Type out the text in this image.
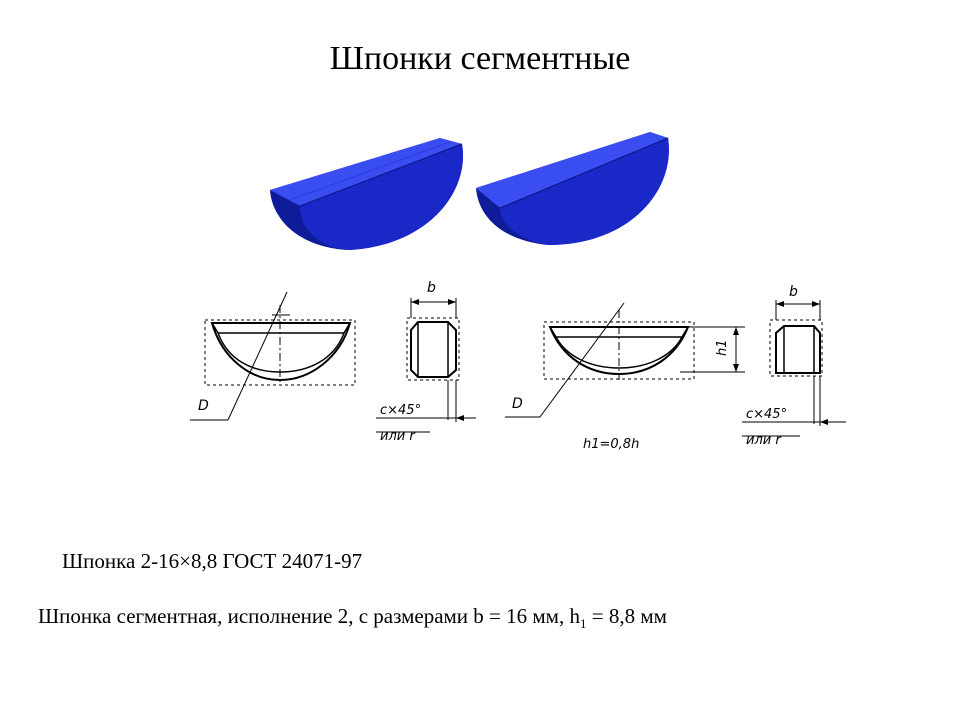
Шпонки сегментные
D
b
c×45°
или r
D
h1
h1=0,8h
b
c×45°
или r
Шпонка 2-16×8,8 ГОСТ 24071-97
Шпонка сегментная, исполнение 2, с размерами b = 16 мм, $h_1 = 8,8$ мм
